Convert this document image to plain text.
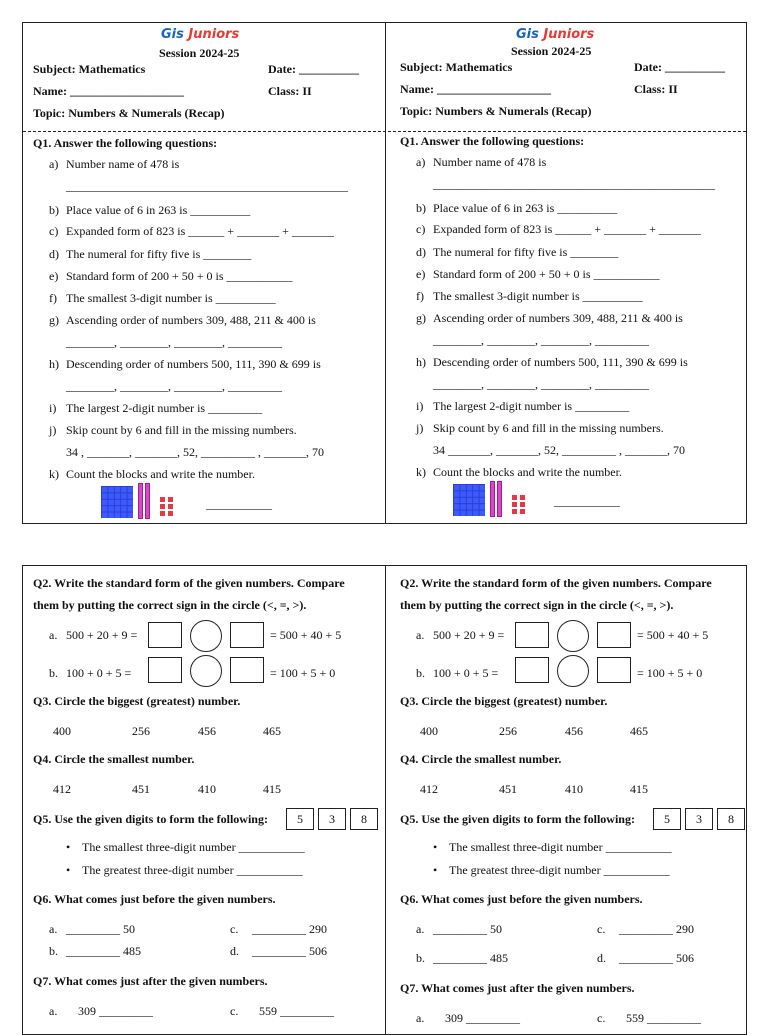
Gis Juniors
Session 2024-25
Subject: Mathematics	Date: __________
Name: ___________________	Class: II
Topic: Numbers & Numerals (Recap)
Q1. Answer the following questions:
a) Number name of 478 is
_______________________________________________
b) Place value of 6 in 263 is __________
c) Expanded form of 823 is ______ + _______ + _______
d) The numeral for fifty five is ________
e) Standard form of 200 + 50 + 0 is ___________
f) The smallest 3-digit number is __________
g) Ascending order of numbers 309, 488, 211 & 400 is
________, ________, ________, _________
h) Descending order of numbers 500, 111, 390 & 699 is
________, ________, ________, _________
i) The largest 2-digit number is _________
j) Skip count by 6 and fill in the missing numbers.
34 , _______, _______, 52, _________ , _______, 70
k) Count the blocks and write the number.
___________
Gis Juniors
Session 2024-25
Subject: Mathematics	Date: __________
Name: ___________________	Class: II
Topic: Numbers & Numerals (Recap)
Q1. Answer the following questions:
a) Number name of 478 is
_______________________________________________
b) Place value of 6 in 263 is __________
c) Expanded form of 823 is ______ + _______ + _______
d) The numeral for fifty five is ________
e) Standard form of 200 + 50 + 0 is ___________
f) The smallest 3-digit number is __________
g) Ascending order of numbers 309, 488, 211 & 400 is
________, ________, ________, _________
h) Descending order of numbers 500, 111, 390 & 699 is
________, ________, ________, _________
i) The largest 2-digit number is _________
j) Skip count by 6 and fill in the missing numbers.
34 _______, _______, 52, _________ , _______, 70
k) Count the blocks and write the number.
___________
Q2. Write the standard form of the given numbers. Compare
them by putting the correct sign in the circle (<, =, >).
a. 500 + 20 + 9 =	= 500 + 40 + 5
b. 100 + 0 + 5 =	= 100 + 5 + 0
Q3. Circle the biggest (greatest) number.
400	256	456	465
Q4. Circle the smallest number.
412	451	410	415
Q5. Use the given digits to form the following:	5	3	8
• The smallest three-digit number ___________
• The greatest three-digit number ___________
Q6. What comes just before the given numbers.
a. _________ 50
b. _________ 485
c. _________ 290
d. _________ 506
Q7. What comes just after the given numbers.
a. 309 _________	c. 559 _________
Q2. Write the standard form of the given numbers. Compare
them by putting the correct sign in the circle (<, =, >).
a. 500 + 20 + 9 =	= 500 + 40 + 5
b. 100 + 0 + 5 =	= 100 + 5 + 0
Q3. Circle the biggest (greatest) number.
400	256	456	465
Q4. Circle the smallest number.
412	451	410	415
Q5. Use the given digits to form the following:	5	3	8
• The smallest three-digit number ___________
• The greatest three-digit number ___________
Q6. What comes just before the given numbers.
a. _________ 50
b. _________ 485
c. _________ 290
d. _________ 506
Q7. What comes just after the given numbers.
a. 309 _________	c. 559 _________
